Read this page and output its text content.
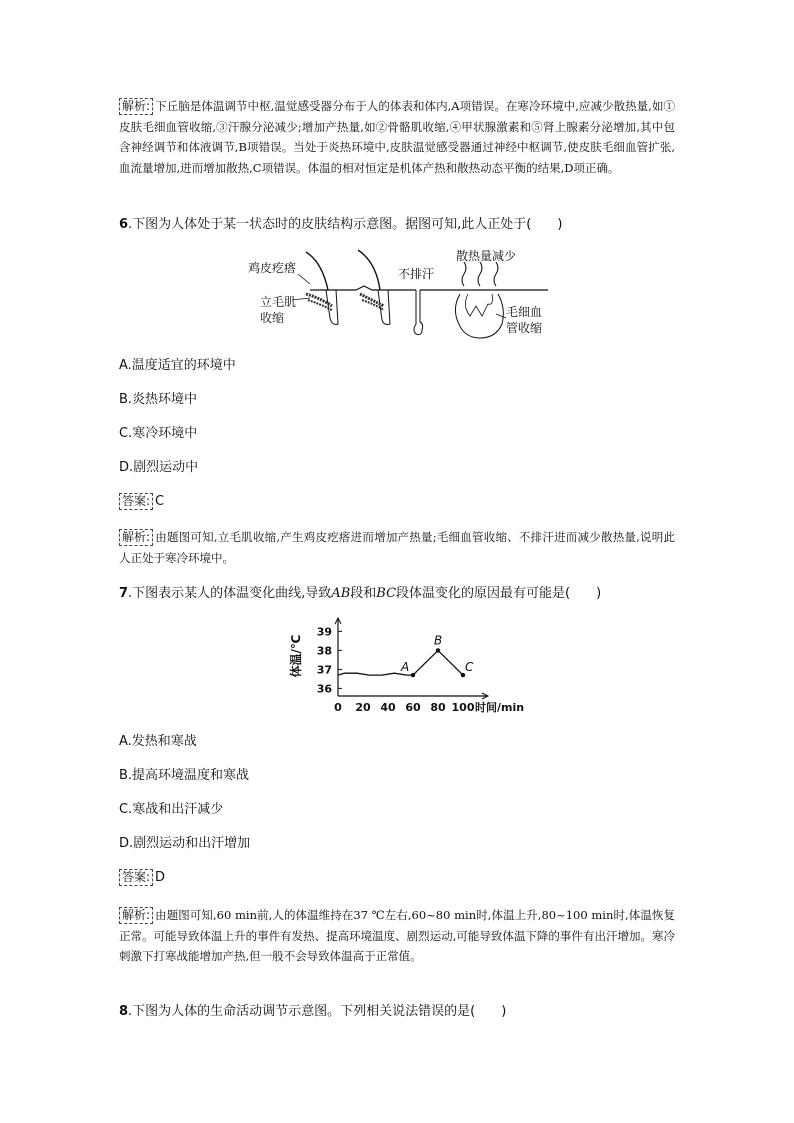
解析: 下丘脑是体温调节中枢,温觉感受器分布于人的体表和体内,A项错误。在寒冷环境中,应减少散热量,如①皮肤毛细血管收缩,③汗腺分泌减少;增加产热量,如②骨骼肌收缩,④甲状腺激素和⑤肾上腺素分泌增加,其中包含神经调节和体液调节,B项错误。当处于炎热环境中,皮肤温觉感受器通过神经中枢调节,使皮肤毛细血管扩张,血流量增加,进而增加散热,C项错误。体温的相对恒定是机体产热和散热动态平衡的结果,D项正确。

6.下图为人体处于某一状态时的皮肤结构示意图。据图可知,此人正处于(　　)

鸡皮疙瘩
立毛肌
收缩
不排汗
散热量减少
毛细血
管收缩
A.温度适宜的环境中
B.炎热环境中
C.寒冷环境中
D.剧烈运动中
答案: C

解析: 由题图可知,立毛肌收缩,产生鸡皮疙瘩进而增加产热量;毛细血管收缩、不排汗进而减少散热量,说明此人正处于寒冷环境中。

7.下图表示某人的体温变化曲线,导致AB段和BC段体温变化的原因最有可能是(　　)

体温/℃
36
37
38
39
0 20 40 60 80 100 时间/min
A
B
C
A.发热和寒战
B.提高环境温度和寒战
C.寒战和出汗减少
D.剧烈运动和出汗增加
答案: D

解析: 由题图可知,60 min前,人的体温维持在37 ℃左右,60~80 min时,体温上升,80~100 min时,体温恢复正常。可能导致体温上升的事件有发热、提高环境温度、剧烈运动,可能导致体温下降的事件有出汗增加。寒冷刺激下打寒战能增加产热,但一般不会导致体温高于正常值。

8.下图为人体的生命活动调节示意图。下列相关说法错误的是(　　)
